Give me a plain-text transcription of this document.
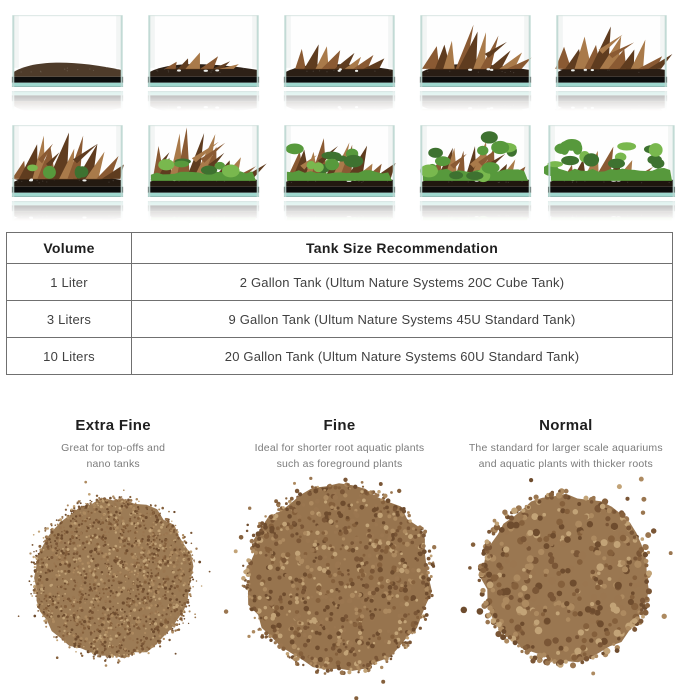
Volume	Tank Size Recommendation
1 Liter	2 Gallon Tank (Ultum Nature Systems 20C Cube Tank)
3 Liters	9 Gallon Tank (Ultum Nature Systems 45U Standard Tank)
10 Liters	20 Gallon Tank (Ultum Nature Systems 60U Standard Tank)
Extra Fine

Great for top-offs and nano tanks

Fine

Ideal for shorter root aquatic plants such as foreground plants

Normal

The standard for larger scale aquariums and aquatic plants with thicker roots
